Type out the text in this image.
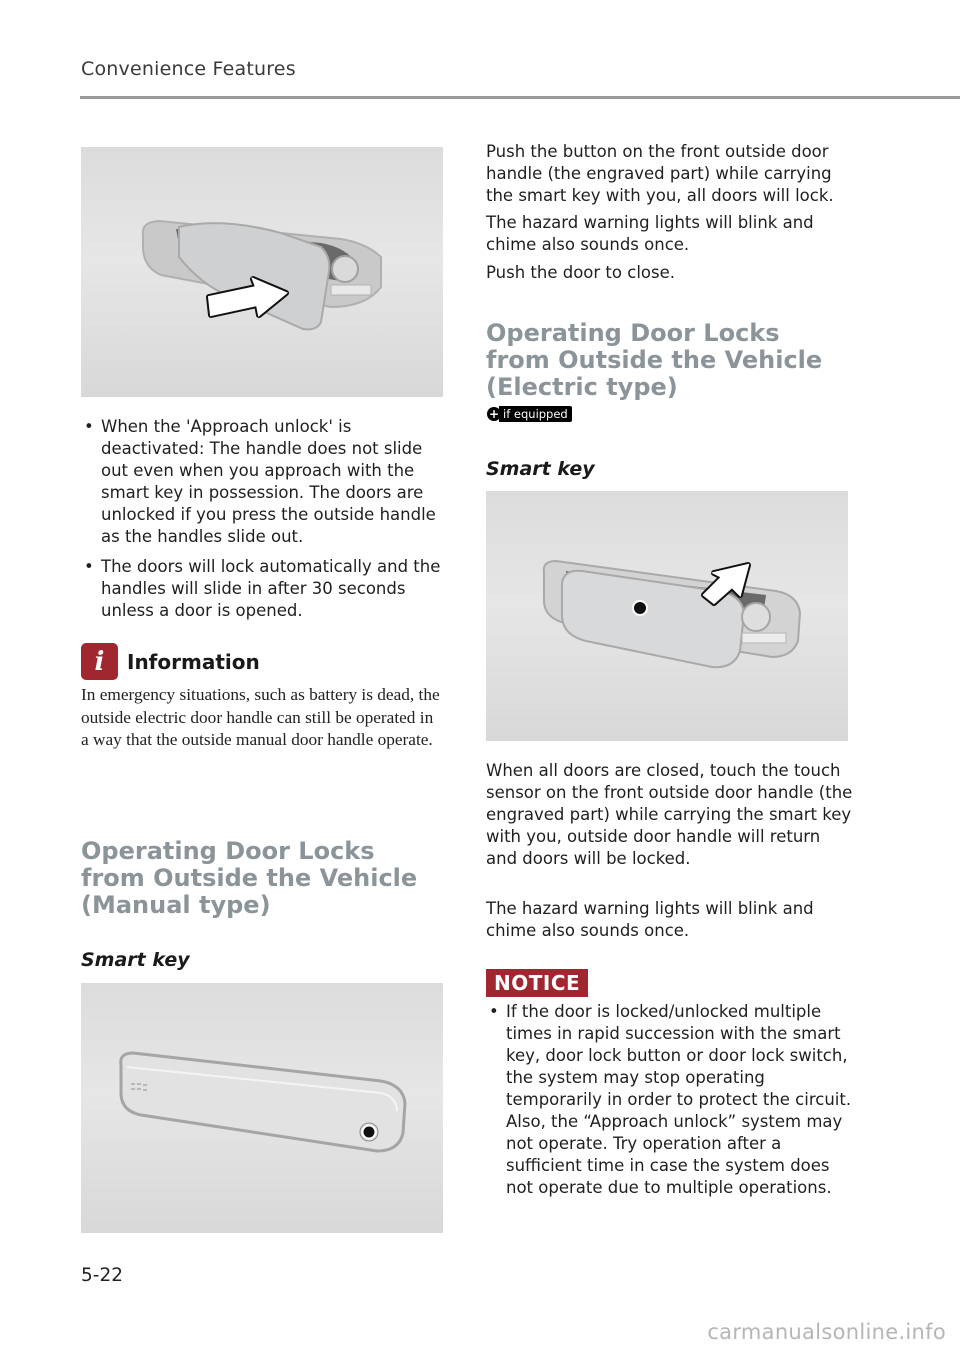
Convenience Features
• When the 'Approach unlock' is deactivated: The handle does not slide out even when you approach with the smart key in possession. The doors are unlocked if you press the outside handle as the handles slide out.
• The doors will lock automatically and the handles will slide in after 30 seconds unless a door is opened.
i	Information
In emergency situations, such as battery is dead, the outside electric door handle can still be operated in a way that the outside manual door handle operate.
Operating Door Locks from Outside the Vehicle (Manual type)
Smart key
Push the button on the front outside door handle (the engraved part) while carrying the smart key with you, all doors will lock.
The hazard warning lights will blink and chime also sounds once.
Push the door to close.
Operating Door Locks from Outside the Vehicle (Electric type)
+ if equipped
Smart key
When all doors are closed, touch the touch sensor on the front outside door handle (the engraved part) while carrying the smart key with you, outside door handle will return and doors will be locked.
The hazard warning lights will blink and chime also sounds once.
NOTICE
• If the door is locked/unlocked multiple times in rapid succession with the smart key, door lock button or door lock switch, the system may stop operating temporarily in order to protect the circuit. Also, the “Approach unlock” system may not operate. Try operation after a sufficient time in case the system does not operate due to multiple operations.
5-22
carmanualsonline.info
